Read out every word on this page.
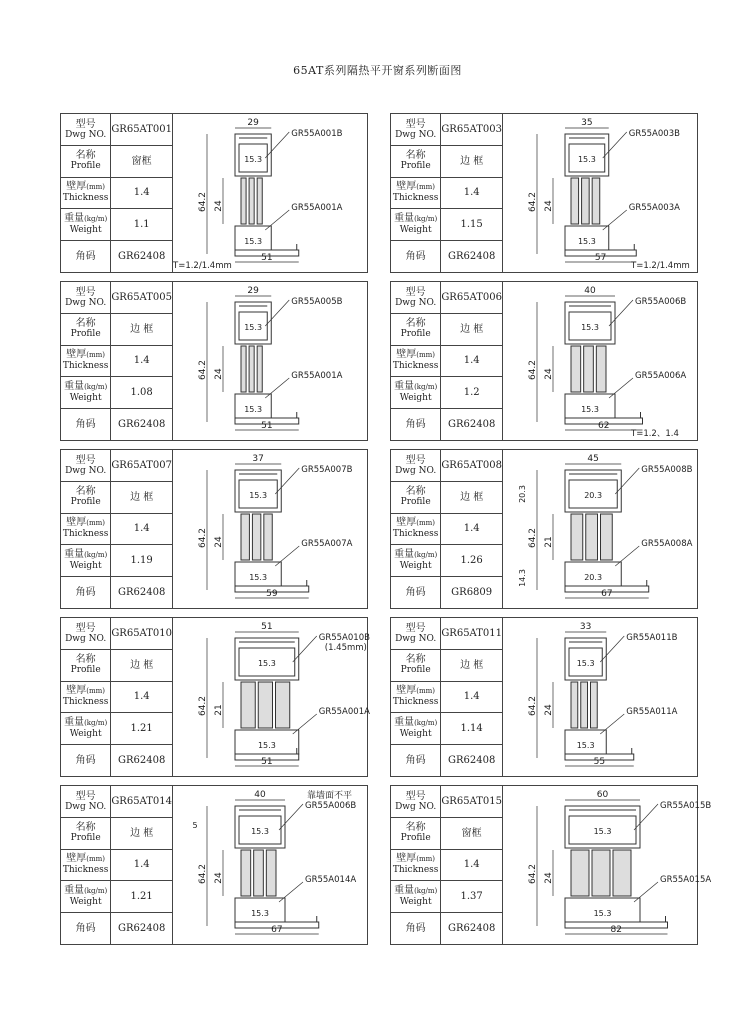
65AT系列隔热平开窗系列断面图
型号
Dwg NO.	GR65AT001

名称
Profile	窗框

壁厚(mm)
Thickness	1.4

重量(kg/m)
Weight	1.1

角码	GR62408
29
51
64.2 24
15.3
15.3
GR55A001B
GR55A001A
T=1.2/1.4mm
型号
Dwg NO.	GR65AT003

名称
Profile	边 框

壁厚(mm)
Thickness	1.4

重量(kg/m)
Weight	1.15

角码	GR62408
35
57
64.2 24
15.3
15.3
GR55A003B
GR55A003A
T=1.2/1.4mm
型号
Dwg NO.	GR65AT005

名称
Profile	边 框

壁厚(mm)
Thickness	1.4

重量(kg/m)
Weight	1.08

角码	GR62408
29
51
64.2 24
15.3
15.3
GR55A005B
GR55A001A
型号
Dwg NO.	GR65AT006

名称
Profile	边 框

壁厚(mm)
Thickness	1.4

重量(kg/m)
Weight	1.2

角码	GR62408
40
62
64.2 24
15.3
15.3
GR55A006B
GR55A006A
T=1.2、1.4
型号
Dwg NO.	GR65AT007

名称
Profile	边 框

壁厚(mm)
Thickness	1.4

重量(kg/m)
Weight	1.19

角码	GR62408
37
59
64.2 24
15.3
15.3
GR55A007B
GR55A007A
型号
Dwg NO.	GR65AT008

名称
Profile	边 框

壁厚(mm)
Thickness	1.4

重量(kg/m)
Weight	1.26

角码	GR6809
45
67
64.2 21
20.3
20.3
GR55A008B
GR55A008A
20.3
14.3
型号
Dwg NO.	GR65AT010

名称
Profile	边 框

壁厚(mm)
Thickness	1.4

重量(kg/m)
Weight	1.21

角码	GR62408
51
51
64.2 21
15.3
15.3
GR55A010B
(1.45mm)
GR55A001A
型号
Dwg NO.	GR65AT011

名称
Profile	边 框

壁厚(mm)
Thickness	1.4

重量(kg/m)
Weight	1.14

角码	GR62408
33
55
64.2 24
15.3
15.3
GR55A011B
GR55A011A
型号
Dwg NO.	GR65AT014

名称
Profile	边 框

壁厚(mm)
Thickness	1.4

重量(kg/m)
Weight	1.21

角码	GR62408
40
67
64.2 24
15.3
15.3
GR55A006B
GR55A014A
5
靠墙面不平	型号
Dwg NO.	GR65AT015

名称
Profile	窗框

壁厚(mm)
Thickness	1.4

重量(kg/m)
Weight	1.37

角码	GR62408
60
82
64.2 24
15.3
15.3
GR55A015B
GR55A015A
